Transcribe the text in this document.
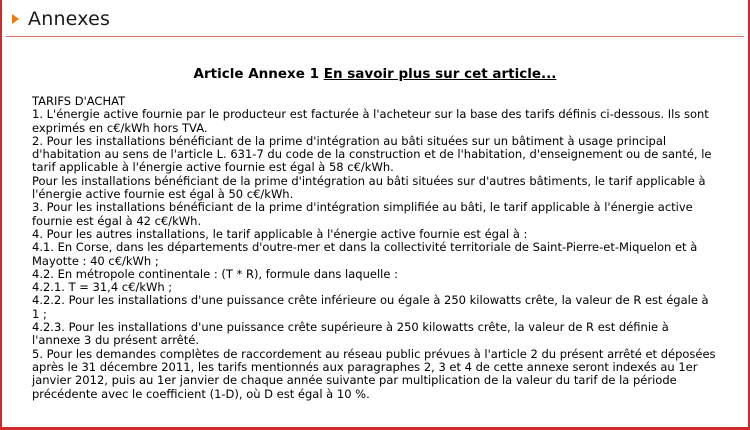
Annexes
Article Annexe 1 En savoir plus sur cet article...
TARIFS D'ACHAT
1. L'énergie active fournie par le producteur est facturée à l'acheteur sur la base des tarifs définis ci-dessous. Ils sont
exprimés en c€/kWh hors TVA.
2. Pour les installations bénéficiant de la prime d'intégration au bâti situées sur un bâtiment à usage principal
d'habitation au sens de l'article L. 631-7 du code de la construction et de l'habitation, d'enseignement ou de santé, le
tarif applicable à l'énergie active fournie est égal à 58 c€/kWh.
Pour les installations bénéficiant de la prime d'intégration au bâti situées sur d'autres bâtiments, le tarif applicable à
l'énergie active fournie est égal à 50 c€/kWh.
3. Pour les installations bénéficiant de la prime d'intégration simplifiée au bâti, le tarif applicable à l'énergie active
fournie est égal à 42 c€/kWh.
4. Pour les autres installations, le tarif applicable à l'énergie active fournie est égal à :
4.1. En Corse, dans les départements d'outre-mer et dans la collectivité territoriale de Saint-Pierre-et-Miquelon et à
Mayotte : 40 c€/kWh ;
4.2. En métropole continentale : (T * R), formule dans laquelle :
4.2.1. T = 31,4 c€/kWh ;
4.2.2. Pour les installations d'une puissance crête inférieure ou égale à 250 kilowatts crête, la valeur de R est égale à
1 ;
4.2.3. Pour les installations d'une puissance crête supérieure à 250 kilowatts crête, la valeur de R est définie à
l'annexe 3 du présent arrêté.
5. Pour les demandes complètes de raccordement au réseau public prévues à l'article 2 du présent arrêté et déposées
après le 31 décembre 2011, les tarifs mentionnés aux paragraphes 2, 3 et 4 de cette annexe seront indexés au 1er
janvier 2012, puis au 1er janvier de chaque année suivante par multiplication de la valeur du tarif de la période
précédente avec le coefficient (1-D), où D est égal à 10 %.
